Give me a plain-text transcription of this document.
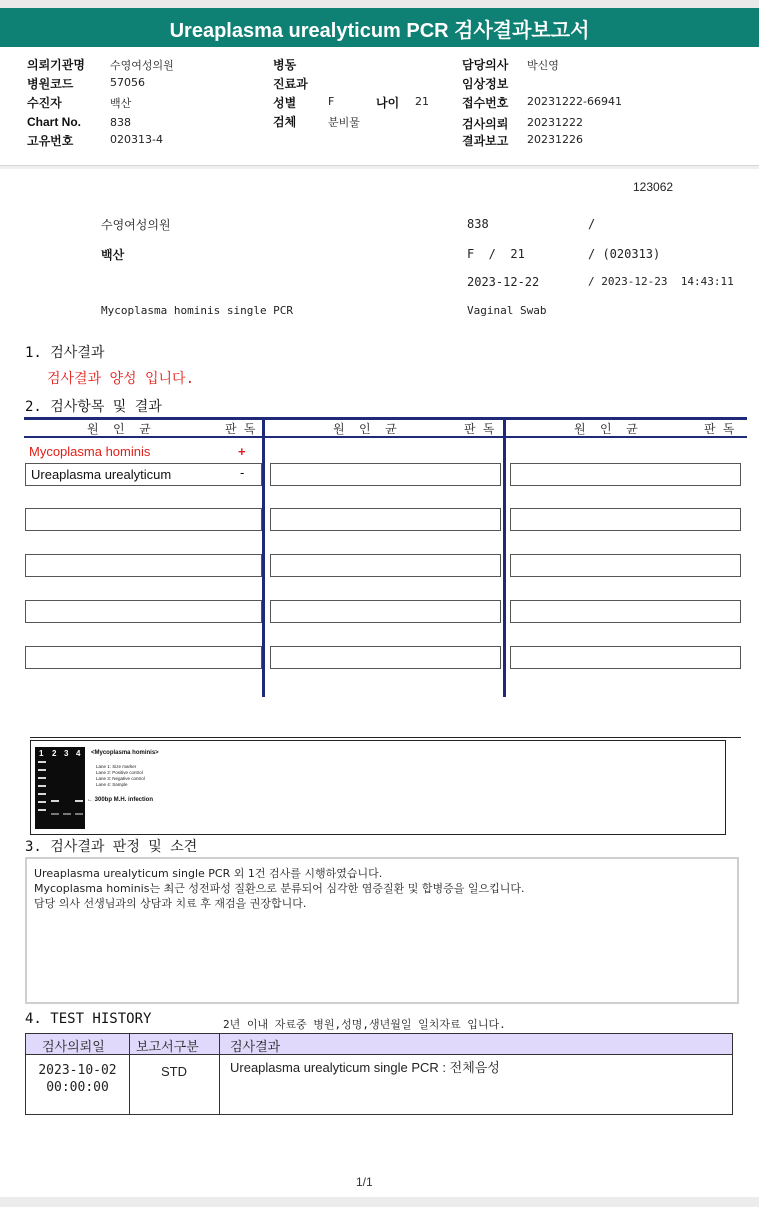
Ureaplasma urealyticum PCR 검사결과보고서
의뢰기관명 수영여성의원
병원코드	57056
수진자	백산
Chart No.	838
고유번호	020313-4
병동
진료과
성별	F	나이 21
검체	분비물
담당의사 박신영
임상정보
접수번호 20231222-66941
검사의뢰 20231222
결과보고 20231226
123062
수영여성의원	838	/
백산	F  /  21	/ (020313)
2023-12-22	/ 2023-12-23  14:43:11
Mycoplasma hominis single PCR	Vaginal Swab
1. 검사결과
검사결과 양성 입니다.
2. 검사항목 및 결과
원  인  균	판 독	원  인  균	판 독	원  인  균	판 독
Mycoplasma hominis	+
Ureaplasma urealyticum	-
1 2 3 4 <Mycoplasma hominis>
Lane 1: Size marker
Lane 2: Positive control
Lane 3: Negative control
Lane 4: Sample
← 300bp M.H. infection
3. 검사결과 판정 및 소견
Ureaplasma urealyticum single PCR 외 1건 검사를 시행하였습니다.
Mycoplasma hominis는 최근 성전파성 질환으로 분류되어 심각한 염증질환 및 합병증을 일으킵니다.
담당 의사 선생님과의 상담과 치료 후 재검을 권장합니다.
4. TEST HISTORY	2년 이내 자료중 병원,성명,생년월일 일치자료 입니다.
검사의뢰일 보고서구분 검사결과
2023-10-02
00:00:00
STD	Ureaplasma urealyticum single PCR : 전체음성
1/1
